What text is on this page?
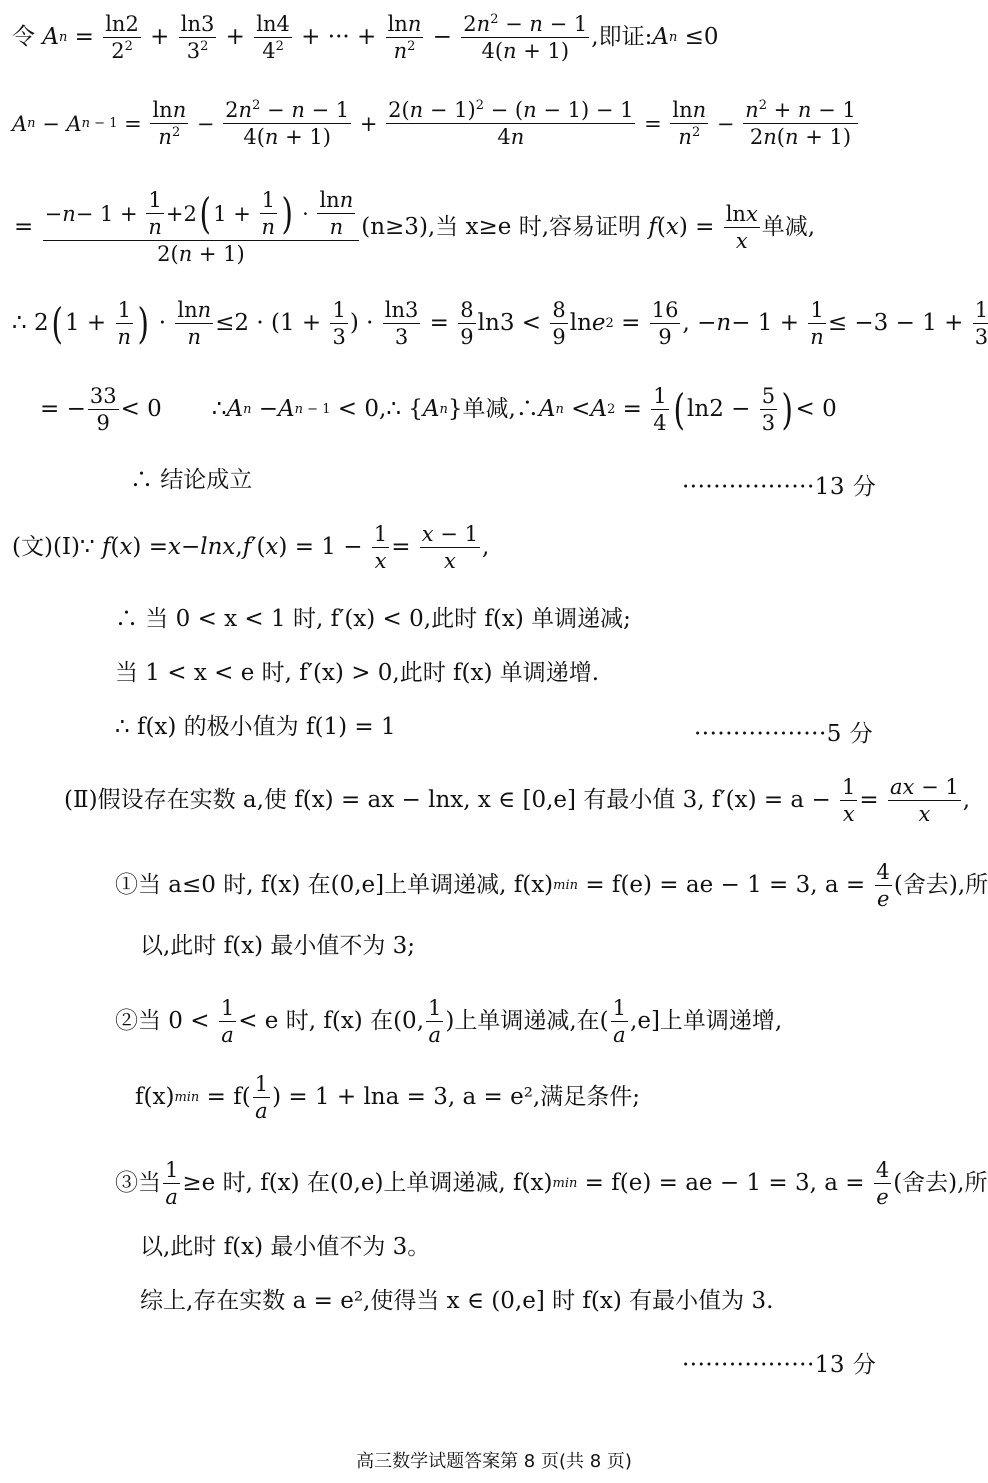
令
A $n = \frac{\ln 2}{2^2} + \frac{\ln 3}{3^2} + \frac{\ln 4}{4^2}$ + ··· + $\frac{\ln n}{n^2} - \frac{2n^2 - n - 1}{4(n + 1)}$ ,即证: A n ≤0
A n − A $n - 1 = \frac{\ln n}{n^2} - \frac{2n^2 - n - 1}{4(n + 1)} + \frac{2(n - 1)^2 - (n - 1) - 1}{4n} = \frac{\ln n}{n^2} - \frac{n^2 + n - 1}{2n(n + 1)}$
= $\frac{- n - 1 + \frac{1}{n} +2 ( 1 + \frac{1}{n} ) \cdot \frac{\ln n}{n}}{2(n + 1)} (n\ge 3)$,当 x≥e 时,容易证明
f ( x ) = $\frac{\ln x}{x}$ 单减,
∴ 2 ( $1 + \frac{1}{n}$ ) · $\frac{\ln n}{n} \le 2 \cdot (1 + \frac{1}{3}$ ) · $\frac{\ln 3}{3} = \frac{8}{9} \ln 3 < \frac{8}{9}$ ln e $2 = \frac{16}{9}$ , − $n - 1 + \frac{1}{n} \le -3 - 1 + \frac{1}{3}$
= − $\frac{33}{9} < 0$
∴ A n − A n − 1 < 0,∴ { A n }单减,∴ A n < A $2 = \frac{1}{4}$ ( $\ln 2 - \frac{5}{3}$ ) < 0
∴ 结论成立	·················13 分
(文)(Ⅰ)∵
f ( x ) = x − lnx , f ′( x ) = $1 - \frac{1}{x} = \frac{x - 1}{x}$ ,
∴ 当 0 < x < 1 时, f′(x) < 0,此时 f(x) 单调递减;
当 1 < x < e 时, f′(x) > 0,此时 f(x) 单调递增.
∴ f(x) 的极小值为 f(1) = 1	·················5 分
(Ⅱ)假设存在实数 a,使 f(x) = ax − lnx, x ∈ [0,e] 有最小值 3, f′(x) = a −
$\frac{1}{x} = \frac{ax - 1}{x}$ ,
①当 a≤0 时, f(x) 在(0,e]上单调递减, f(x) min
= f(e) = ae − 1 = 3, a =
$\frac{4}{e}$ (舍去),所
以,此时 f(x) 最小值不为 3;
②当 0 <
$\frac{1}{a} < e$ 时, f(x) 在(0, $\frac{1}{a}$ )上单调递减,在( $\frac{1}{a} ,e$]上单调递增,
f(x) min
= $f( \frac{1}{a}$ ) = 1 + lna = 3, a = e²,满足条件;
③当 $\frac{1}{a} \ge e$ 时, f(x) 在(0,e)上单调递减, f(x) min
= f(e) = ae − 1 = 3, a =
$\frac{4}{e}$ (舍去),所
以,此时 f(x) 最小值不为 3。
综上,存在实数 a = e²,使得当 x ∈ (0,e] 时 f(x) 有最小值为 3.
·················13 分
高三数学试题答案第 8 页(共 8 页)
